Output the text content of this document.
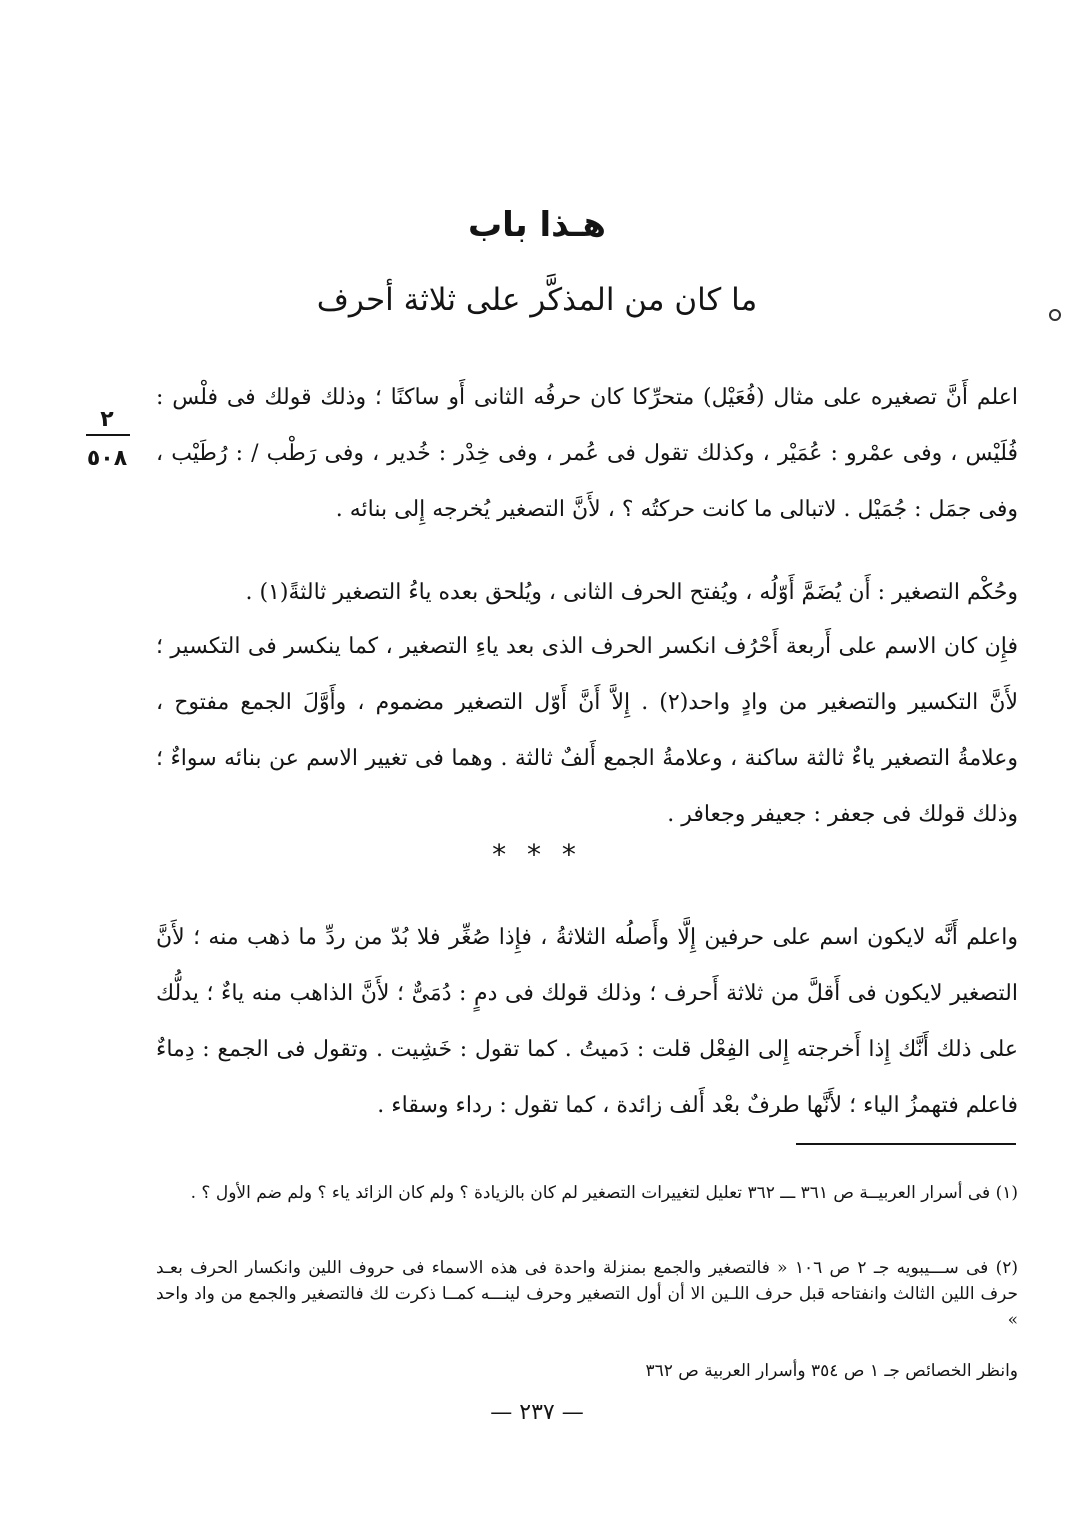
هـذا باب
ما كان من المذكَّر على ثلاثة أحرف
٢
٥٠٨

اعلم أَنَّ تصغيره على مثال (فُعَيْل) متحرِّكا كان حرفُه الثانى أَو ساكنًا ؛ وذلك قولك فى فلْس : فُلَيْس ، وفى عمْرو : عُمَيْر ، وكذلك تقول فى عُمر ، وفى خِدْر : خُدير ، وفى رَطْب / : رُطَيْب ، وفى جمَل : جُمَيْل . لاتبالى ما كانت حركتُه ؟ ، لأَنَّ التصغير يُخرجه إِلى بنائه .

وحُكْم التصغير : أَن يُضَمَّ أَوّلُه ، ويُفتح الحرف الثانى ، ويُلحق بعده ياءُ التصغير ثالثةً(١) .

فإِن كان الاسم على أَربعة أَحْرُف انكسر الحرف الذى بعد ياءِ التصغير ، كما ينكسر فى التكسير ؛ لأَنَّ التكسير والتصغير من وادٍ واحد(٢) . إِلاَّ أَنَّ أَوّل التصغير مضموم ، وأَوَّلَ الجمع مفتوح ، وعلامةُ التصغير ياءٌ ثالثة ساكنة ، وعلامةُ الجمع أَلفٌ ثالثة . وهما فى تغيير الاسم عن بنائه سواءٌ ؛ وذلك قولك فى جعفر : جعيفر وجعافر .

* * *

واعلم أَنَّه لايكون اسم على حرفين إِلَّا وأَصلُه الثلاثةُ ، فإِذا صُغِّر فلا بُدّ من ردِّ ما ذهب منه ؛ لأَنَّ التصغير لايكون فى أَقلَّ من ثلاثة أَحرف ؛ وذلك قولك فى دمٍ : دُمَىٌّ ؛ لأَنَّ الذاهب منه ياءٌ ؛ يدلُّك على ذلك أَنَّك إِذا أَخرجته إِلى الفِعْل قلت : دَميتُ . كما تقول : خَشِيت . وتقول فى الجمع : دِماءٌ فاعلم فتهمزُ الياء ؛ لأَنَّها طرفٌ بعْد أَلف زائدة ، كما تقول : رداء وسقاء .

(١) فى أسرار العربيــة ص ٣٦١ ـــ ٣٦٢ تعليل لتغييرات التصغير لم كان بالزيادة ؟ ولم كان الزائد ياء ؟ ولم ضم الأول ؟ .

(٢) فى ســـيبويه جـ ٢ ص ١٠٦ « فالتصغير والجمع بمنزلة واحدة فى هذه الاسماء فى حروف اللين وانكسار الحرف بعـد حرف اللين الثالث وانفتاحه قبل حرف اللـين الا أن أول التصغير وحرف لينـــه كمــا ذكرت لك فالتصغير والجمع من واد واحد »

وانظر الخصائص جـ ١ ص ٣٥٤ وأسرار العربية ص ٣٦٢

— ٢٣٧ —
